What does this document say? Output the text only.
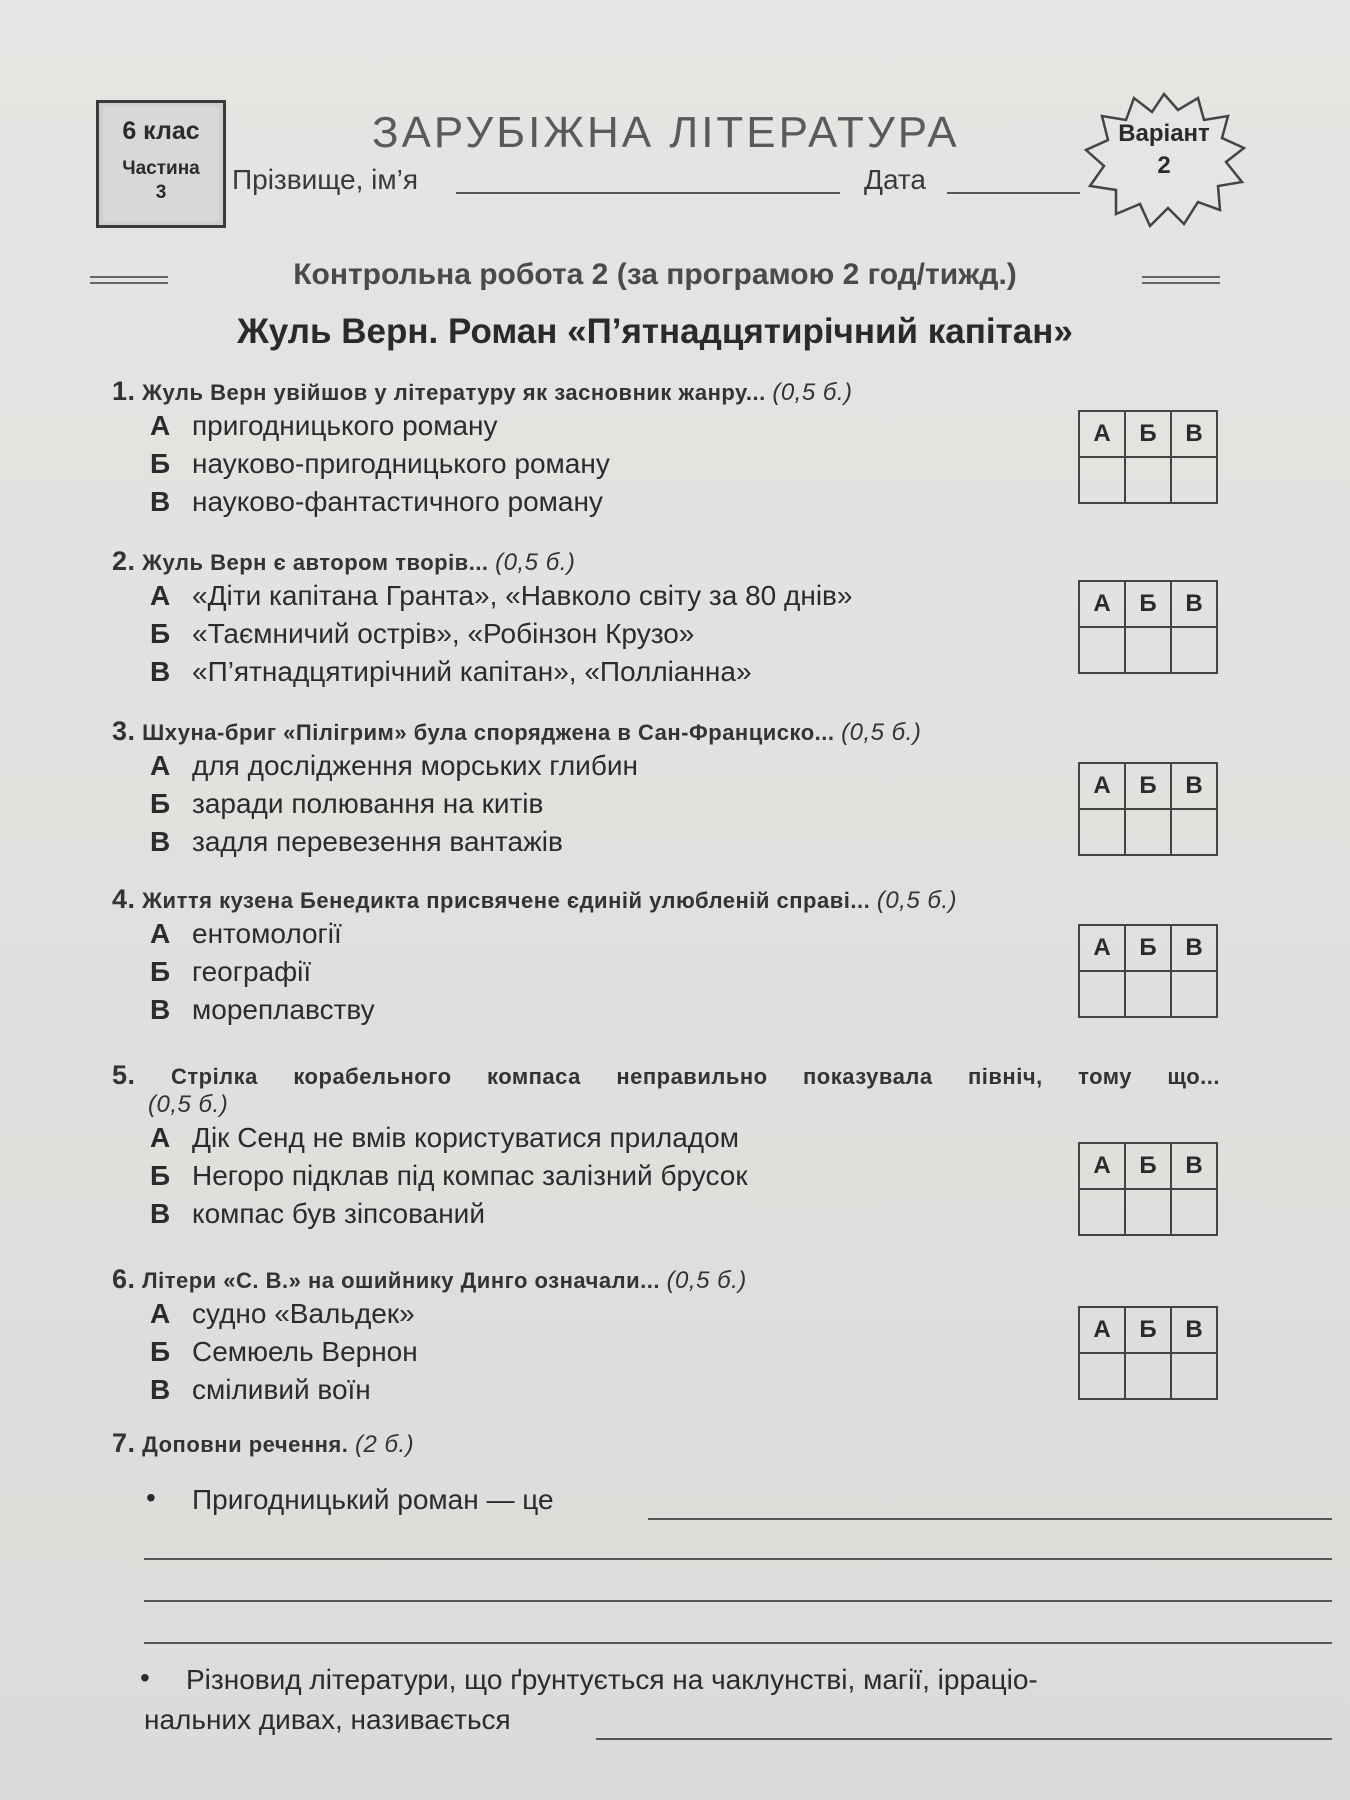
6 клас
Частина
3
ЗАРУБІЖНА ЛІТЕРАТУРА
Прізвище, ім’я	Дата
Варіант
2
Контрольна робота 2 (за програмою 2 год/тижд.)
Жуль Верн. Роман «П’ятнадцятирічний капітан»
1. Жуль Верн увійшов у літературу як засновник жанру... (0,5 б.)
А пригодницького роману
Б науково-пригодницького роману
В науково-фантастичного роману
А	Б	В

2. Жуль Верн є автором творів... (0,5 б.)
А «Діти капітана Гранта», «Навколо світу за 80 днів»
Б «Таємничий острів», «Робінзон Крузо»
В «П’ятнадцятирічний капітан», «Полліанна»
А	Б	В

3. Шхуна-бриг «Пілігрим» була споряджена в Сан-Франциско... (0,5 б.)
А для дослідження морських глибин
Б заради полювання на китів
В задля перевезення вантажів
А	Б	В

4. Життя кузена Бенедикта присвячене єдиній улюбленій справі... (0,5 б.)
А ентомології
Б географії
В мореплавству
А	Б	В

5. Стрілка корабельного компаса неправильно показувала північ, тому що...
(0,5 б.)
А Дік Сенд не вмів користуватися приладом
Б Негоро підклав під компас залізний брусок
В компас був зіпсований
А	Б	В

6. Літери «С. В.» на ошийнику Динго означали... (0,5 б.)
А судно «Вальдек»
Б Семюель Вернон
В сміливий воїн
А	Б	В

7. Доповни речення. (2 б.)
• Пригодницький роман — це
• Різновид літератури, що ґрунтується на чаклунстві, магії, ірраціо-
нальних дивах, називається
